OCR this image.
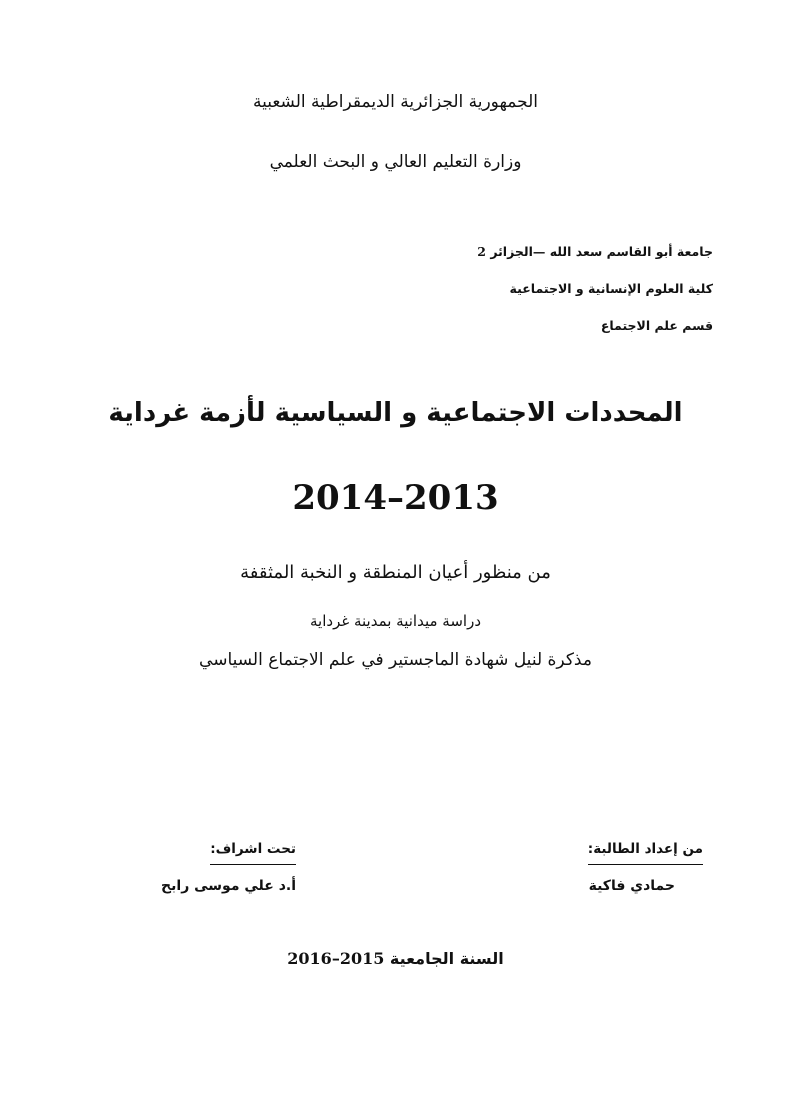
الجمهورية الجزائرية الديمقراطية الشعبية
وزارة التعليم العالي و البحث العلمي
جامعة أبو القاسم سعد الله —الجزائر 2
كلية العلوم الإنسانية و الاجتماعية
قسم علم الاجتماع
المحددات الاجتماعية و السياسية لأزمة غرداية
2013–2014
من منظور أعيان المنطقة و النخبة المثقفة
دراسة ميدانية بمدينة غرداية
مذكرة لنيل شهادة الماجستير في علم الاجتماع السياسي
من إعداد الطالبة:
حمادي فاكية
تحت اشراف:
أ.د علي موسى رابح
السنة الجامعية 2015–2016
